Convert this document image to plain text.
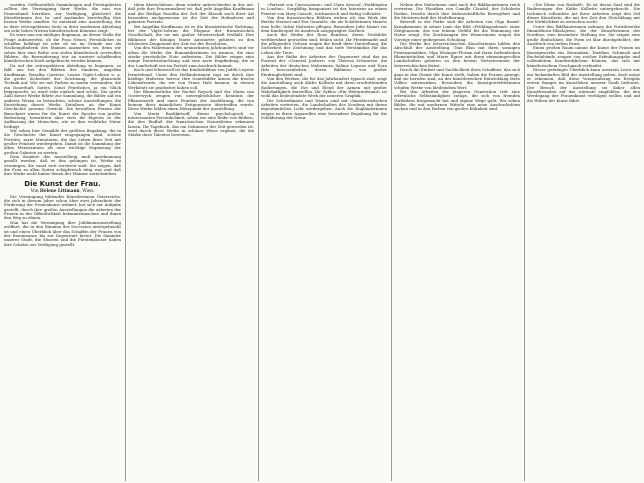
wurden, Geflissentlich Sammlungen und Privatgalerien sollten der Vereinigung ihrer Werke, die nun von Frauenhand herrühre, zur Verfügung, gleichviel die Künstlerinnen des In- und Auslandes bereitwillig ihre besten Werke sandten. So entstand eine Ausstellung, die in ihrer retrospektiven Serie in ihrer modernen Abteilung ein sehr hohes Niveau künstlerischen Könnens zeigt.

Es wäre nun ein müßiges Beginnen, an dieser Stelle die Frage aufzuwerfen, ob die Frau Neues, Persönliches zu schaffen befähigt ist oder ob sie im Grunde nur als Nachempfinderin des Mannes anzusehen sei, denn wir sehen hier eine Reihe von vielen künstlerisch wertvollen Bildern, die Bewunderung nur an unserer schaffenden künstlerischen Kraft aufgebracht werden können.

Da auf der retrospektiven Abteilung so beginnen, so fällt uns bei den Bildern der Sandern, Angelika Kauffmann, Rosalba Carriera, Louise Vigée-Lebrun u. a. die große Sicherheit der Zeichnung, die glänzende Technik auf. Wie sie mit Farben zu malen verstanden, die ein Dauerhaft, Sattes, Sonst Feierliches, ja ein Glück beigemischt; so ward sehr einfach und schön. Die große Zahl dieser Werke führte zur Sammlung, die Bilder auf ein anderes Wesen zu betrachten, schöne Ausstellungen, die Entstehung dieses Werks Zeitalters an der Kunst Geschichte gewann Gewicht. Die bewußten Frauen der Barockzeit waren für die Kunst der Epoche von großer Bedeutung, bewahrten aber stets ihr Eigenes in der Auffassung der Menschen, wie es ihre weibliche Natur bedingt.

Wir sehen hier Gemälde der größten Begabung, die in die Geschichte der Kunst eingegangen sind, schöne Porträts, zarte Miniaturen, die das Leben ihrer Zeit mit großer Feinheit wiedergeben. Damit ist die Sammlung der alten Meisterinnen als eine wichtige Ergänzung der großen Galerien zu werten.

Dem Komitee der Ausstellung muß Anerkennung gezollt werden, daß es ihm gelungen ist, Werke zu vereinigen, die sonst weit verstreut sind. Sie zeigen, daß die Frau zu allen Zeiten schöpferisch tätig war und daß ihre Werke nicht hinter denen der Männer zurückstehen.

Die Kunst der Frau.
Von Helene Littmann, Wien.

Die Vereinigung bildender Künstlerinnen Österreichs, die sich in diesem Jahre schon über zwei Jahrzehnte der Förderung der Frauenkunst widmet, hat sich zur Aufgabe gestellt, durch ihre großen Ausstellungen die Arbeiten der Frauen in der Öffentlichkeit bekanntzumachen und ihnen den Weg zu ebnen.

Nun hat die Vereinigung ihre Jubiläumsausstellung eröffnet, die in den Räumen der Secession untergebracht ist und einen Überblick über das Schaffen der Frauen von der Renaissance bis zur Gegenwart bietet. Die Sammler unserer Stadt, die Museen und die Fürstenhäuser haben ihre Schätze zur Verfügung gestellt.

täten überschätzen, denn wieder unterschieden in der Art: daß jede ihre Frauenmalerei ist; daß jede Angelika Kauffmann und der fleißige Rosalba der Zeit der Klassik auch ihrer Art besonders nachgewiesen ist die Zeit der Hofmalerei und galanten Porträts.

Bei Angelika Kauffmann ist es die klassizistische Richtung, bei der Vigée-Lebrun die Eleganz der französischen Gesellschaft, die sie mit großer Meisterschaft festhält. Ihre Bildnisse der Königin Marie Antoinette gehören zu den schönsten Zeugnissen der Zeit vor der Revolution.

Von den Malerinnen des neunzehnten Jahrhunderts sind vor allem die Werke der Romantikerinnen zu nennen, die eine starke persönliche Note aufweisen. Die Bilder zeigen eine innige Naturbeobachtung und eine zarte Empfindung, die in der Landschaft wie im Porträt zum Ausdruck kommt.

Koch und lebensvoll ist das Kinderbildnis von Judith Leyster fernstehend. Unter den Holländerinnen ragt sie durch ihre kräftige Malweise hervor, ihre Genrebilder atmen die frische Lebensfreude, die wir von Frans Hals kennen, in dessen Werkstatt sie gearbeitet haben soll.

Die Blumenstücke der Rachel Ruysch und der Maria van Oosterwyck zeugen von unvergleichlicher Kenntnis der Pflanzenwelt und einer Feinheit der Ausführung, die von keinem ihrer männlichen Zeitgenossen übertroffen wurde. Diese Werke bilden einen Höhepunkt der Ausstellung.

Von Maria Bashkirtseff, dieser psychologisch so interessanten Persönlichkeit, sehen wir eine Reihe von Bildern, die den Einfluß der französischen Naturalisten erkennen lassen. Ihr Tagebuch, das ein Dokument der Zeit geworden ist, wird durch diese Werke in schöner Weise ergänzt, die die Stärke ihres Talentes beweisen.

»Portrait von Carcassonne« und Clara Atwood »Paddington in London«. Sorgfältig komponiert ist der Interieur an einem Fenster von Mary Cassatt, zeichnerisch und farbig vollendet.

Von den französischen Bildern wirken ich das Werk der Berthe Morisot und Eva Gonzalès, die als Schülerinnen Manets eine helle, lichte Malweise pflegen. Besonders Julie Manet vor dem Kinderspiel ist Ausdruck ausgeprägter Zartheit.

Auch die Werke der Rosa Bonheur, deren Tierbilder weltberühmt geworden sind, fehlen nicht. Ihr Pferdemarkt und die pflügenden Ochsen zeigen die Kraft ihrer Darstellung, die Sicherheit der Zeichnung und das tiefe Verständnis für das Leben der Tiere.

Aus der Reihe der Arbeiten der Gegenwart sind das im Portrait der »General Joubert« von Theresa Schwartze, die Arbeiten der deutschen Malerinnen Sabine Lepsius und Dora Hitz hervorzuheben, deren Bildnisse von großer Eindringlichkeit sind.

Von den Werken, die für das Jahrhundert typisch sind, zeigt die Ausstellung auch Käthe Kollwitz mit ihren erschütternden Radierungen, die Not und Elend der Armen mit großer Wahrhaftigkeit darstellen. Ihr Zyklus »Ein Weberaufstand« ist wohl das bedeutendste Werk der neueren Graphik.

Die Schwedinnen und Dänen sind mit charakteristischen Arbeiten vertreten, die Landschaften des Nordens mit ihrem eigentümlichen Licht wiedergeben. Auch die Engländerinnen zeigen in ihren Aquarellen eine besondere Begabung für die Schilderung der Natur.

Neben den Malerinnen sind auch die Bildhauerinnen reich vertreten. Die Plastiken von Camille Claudel, der Schülerin Rodins, fesseln durch ihre leidenschaftliche Bewegtheit und die Meisterschaft der Modellierung.

Reizvoll in der Farbe sind die Arbeiten von Olga Brand-Krieghammer, in seiner Linie das Bild »Frühlingsabend« einer Zeitgenossin, das von feinem Gefühl für die Stimmung der Natur zeugt. Die Zeichnungen der Wienerinnen zeigen die Vorzüge einer gediegenen Schulung.

Die Werke der österreichischen Künstlerinnen bilden den Abschluß der Ausstellung. Tina Blau mit ihren sonnigen Pratergemälden, Olga Wisinger-Florian mit ihren farbenfrohen Blumenstücken und Marie Egner mit ihren stimmungsvollen Landschaften gehören zu den besten Vertreterinnen der österreichischen Kunst.

Durch die Einheit und Sachlichkeit ihres Schaffens, das sich ganz in den Dienst der Kunst stellt, haben die Frauen gezeigt, daß sie berufen sind, an der künstlerischen Entwicklung ihres Volkes mitzuwirken. Besonders die Kunstgewerblerinnen schufen Werke von bleibendem Wert.

Bei den Arbeiten der jüngeren Generation tritt eine erfreuliche Selbständigkeit zutage, die sich von fremden Vorbildern freigemacht hat und eigene Wege geht. Wir sehen Bilder, die mit modernen Mitteln eine neue Ausdrucksform suchen und in den Farben von großer Kühnheit sind.

»Die Dôme von Roskoff«. Es ist davon Saal sind die Radierungen der Käthe Kollwitz untergebracht. Die technisch vollendete Art ihrer Arbeiten zeigt den Stil dieser Künstlerin, die mit der Zeit den Gleichklang mit der Wirklichkeit zu erreichen sucht.

Unter den Bildhauerinnen nehmen die Porträtwerke Rimmlékova-Nikolajewa, die der Künstlerinnen des Nordens, eine besondere Stellung ein. Sie zeigen eine große Einfachheit, die Form ist klar durchgebildet, der Ausdruck von tiefem Ernst.

Einen großen Raum nimmt die Kunst der Frauen im Kunstgewerbe ein. Keramiken, Textilien, Schmuck und Bucheinbände zeugen von reicher Erfindungsgabe und vollendetem handwerklichem Können, das sich mit künstlerischem Geschmack verbindet.

Dieser gedrängte Überblick kann unserem Leser nur ein lückenhaftes Bild der Ausstellung geben, doch möge er erkennen, daß diese Veranstaltung ein Ereignis ersten Ranges im Kunstleben unserer Stadt bedeutet. Der Besuch der Ausstellung sei daher allen Kunstfreunden auf das wärmste empfohlen, die den Werdegang der Frauenkunst verfolgen wollen und auf die Höhen der Kunst führt.
